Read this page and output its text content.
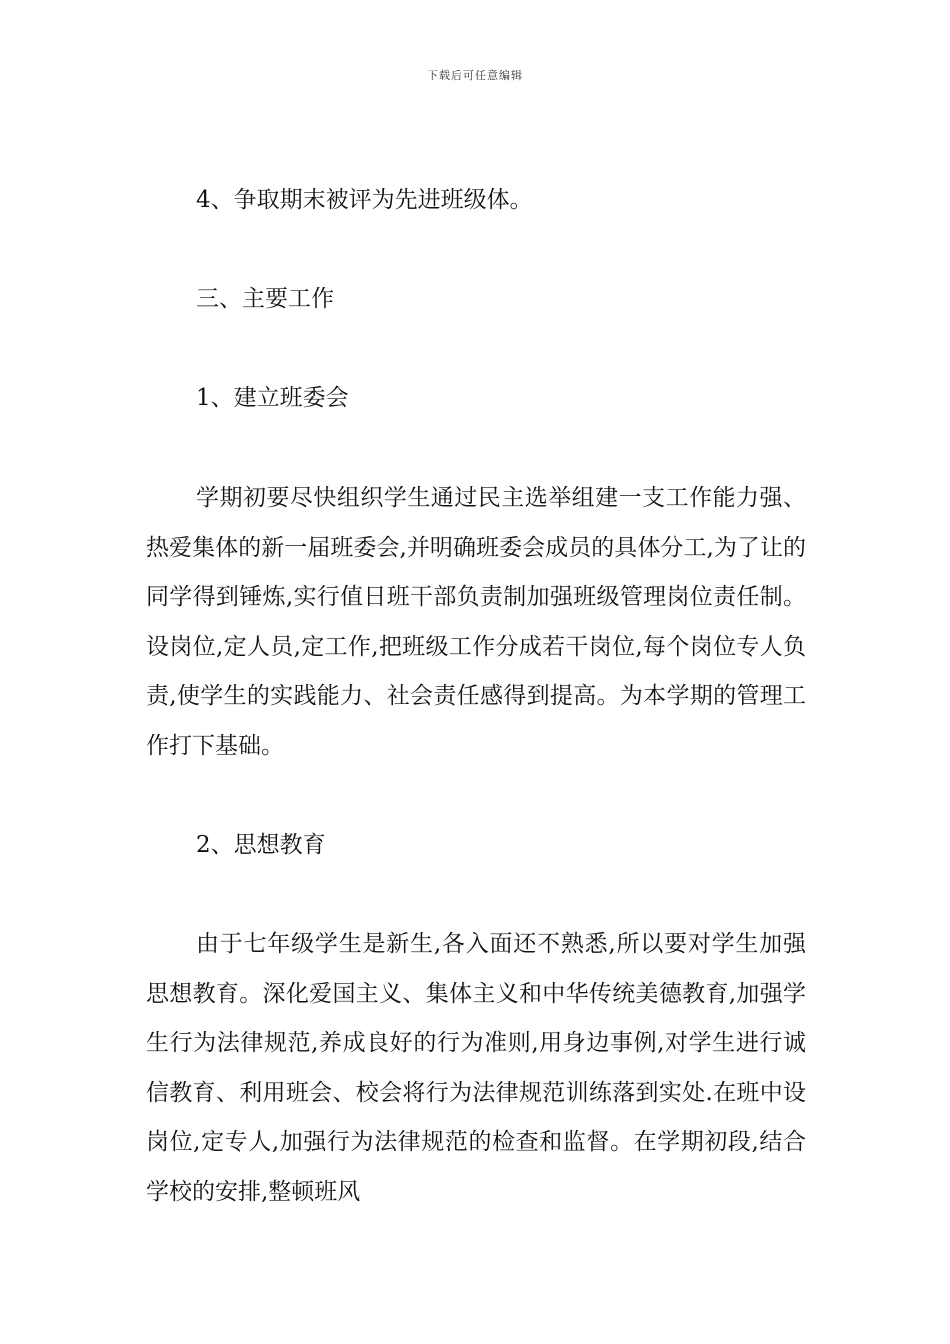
下载后可任意编辑
4、争取期末被评为先进班级体。
三、主要工作
1、建立班委会
学期初要尽快组织学生通过民主选举组建一支工作能力强、热爱集体的新一届班委会,并明确班委会成员的具体分工,为了让的同学得到锤炼,实行值日班干部负责制加强班级管理岗位责任制。设岗位,定人员,定工作,把班级工作分成若干岗位,每个岗位专人负责,使学生的实践能力、社会责任感得到提高。为本学期的管理工作打下基础。
2、思想教育
由于七年级学生是新生,各入面还不熟悉,所以要对学生加强思想教育。深化爱国主义、集体主义和中华传统美德教育,加强学生行为法律规范,养成良好的行为准则,用身边事例,对学生进行诚信教育、利用班会、校会将行为法律规范训练落到实处.在班中设岗位,定专人,加强行为法律规范的检查和监督。在学期初段,结合学校的安排,整顿班风
